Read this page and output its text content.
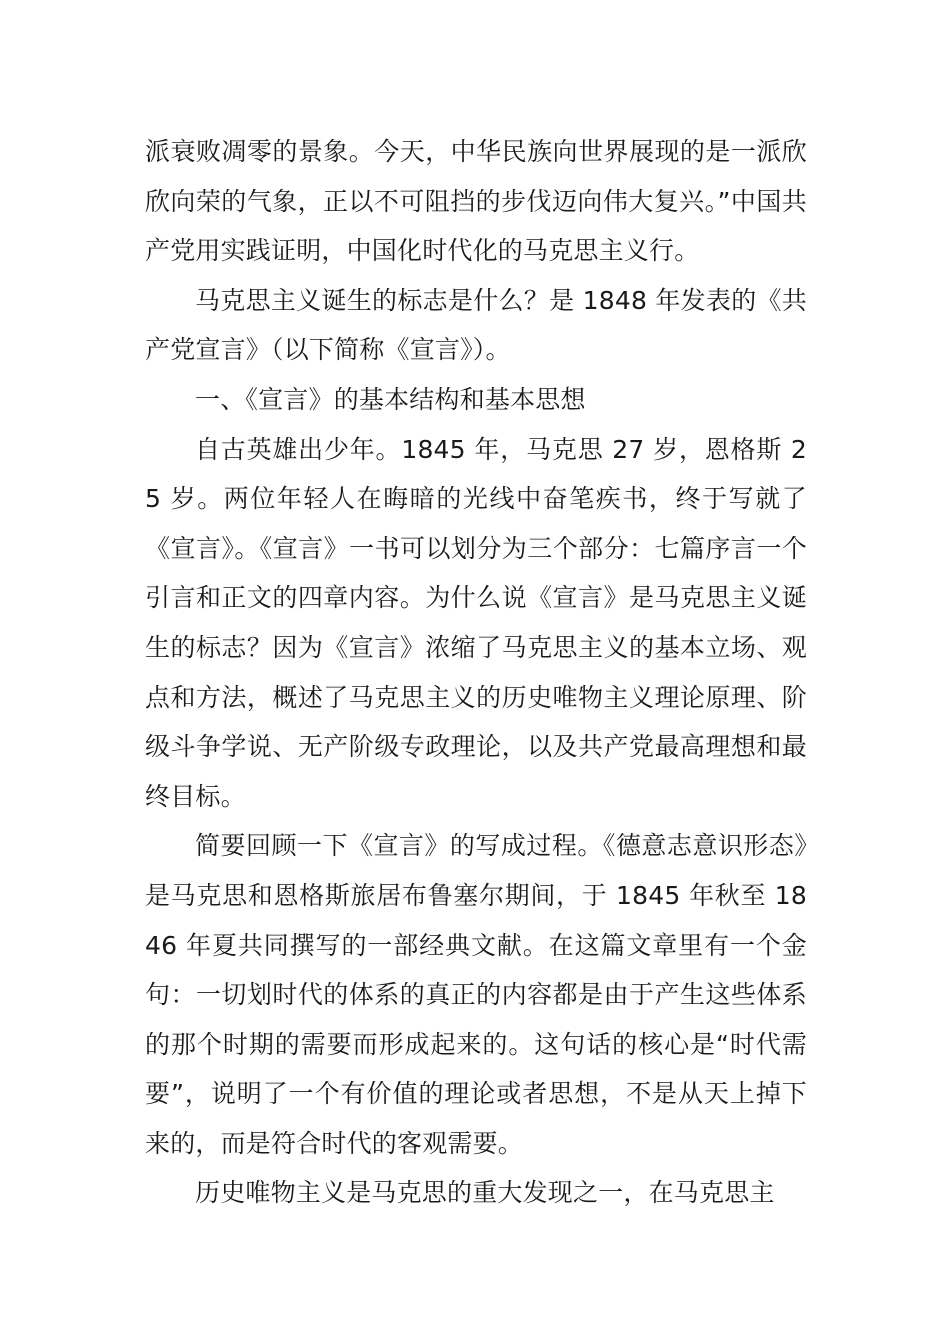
派衰败凋零的景象。今天，中华民族向世界展现的是一派欣欣向荣的气象，正以不可阻挡的步伐迈向伟大复兴。”中国共产党用实践证明，中国化时代化的马克思主义行。

马克思主义诞生的标志是什么？是 1848 年发表的《共产党宣言》（以下简称《宣言》）。

一、《宣言》的基本结构和基本思想

自古英雄出少年。1845 年，马克思 27 岁，恩格斯 25 岁。两位年轻人在晦暗的光线中奋笔疾书，终于写就了《宣言》。《宣言》一书可以划分为三个部分：七篇序言一个引言和正文的四章内容。为什么说《宣言》是马克思主义诞生的标志？因为《宣言》浓缩了马克思主义的基本立场、观点和方法，概述了马克思主义的历史唯物主义理论原理、阶级斗争学说、无产阶级专政理论，以及共产党最高理想和最终目标。

简要回顾一下《宣言》的写成过程。《德意志意识形态》是马克思和恩格斯旅居布鲁塞尔期间，于 1845 年秋至 1846 年夏共同撰写的一部经典文献。在这篇文章里有一个金句：一切划时代的体系的真正的内容都是由于产生这些体系的那个时期的需要而形成起来的。这句话的核心是“时代需要”，说明了一个有价值的理论或者思想，不是从天上掉下来的，而是符合时代的客观需要。

历史唯物主义是马克思的重大发现之一，在马克思主
